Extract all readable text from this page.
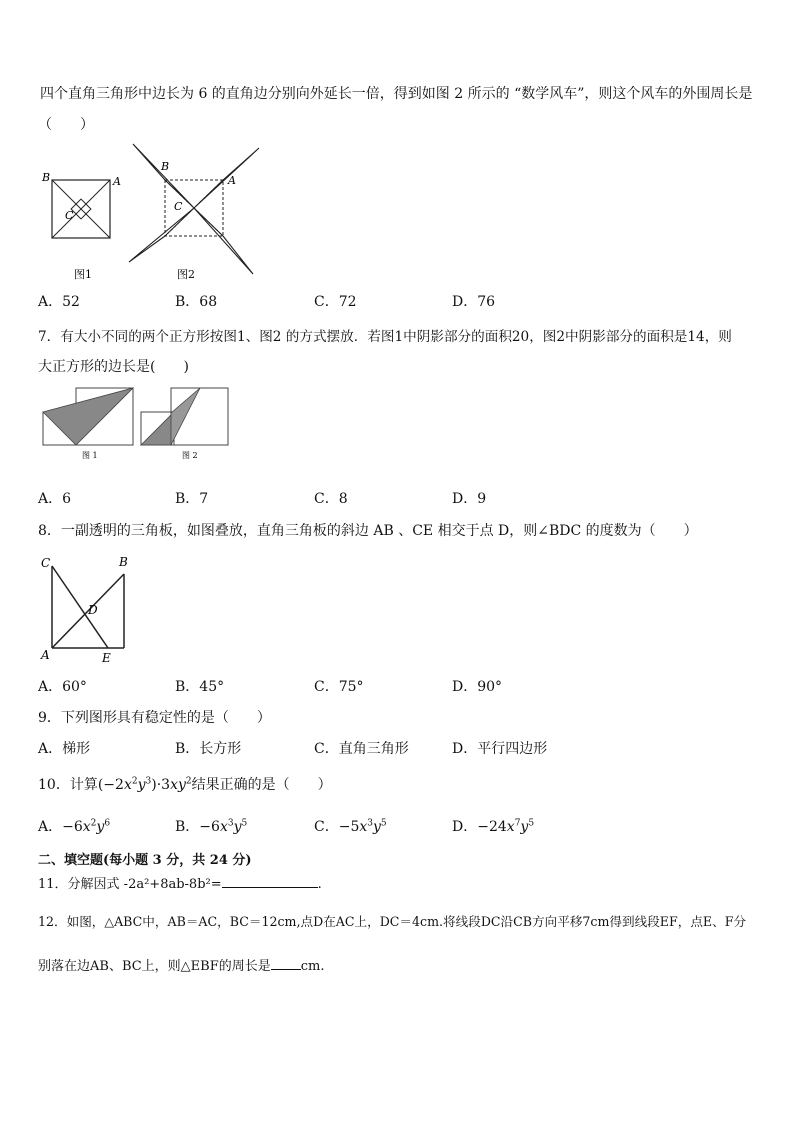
四个直角三角形中边长为 6 的直角边分别向外延长一倍，得到如图 2 所示的 “数学风车”，则这个风车的外围周长是
（　　）
B	A
C
图1
B
A
C
图2
A．52	B．68	C．72	D．76
7．有大小不同的两个正方形按图1、图2 的方式摆放．若图1中阴影部分的面积20，图2中阴影部分的面积是14，则
大正方形的边长是(　　)
图 1	图 2
A．6	B．7	C．8	D．9
8．一副透明的三角板，如图叠放，直角三角板的斜边 AB 、CE 相交于点 D，则∠BDC 的度数为（　　）
C	B
D
A	E
A．60°	B．45°	C．75°	D．90°
9．下列图形具有稳定性的是（　　）
A．梯形	B．长方形	C．直角三角形	D．平行四边形
10．计算$(-2x^2y^3)\cdot 3xy^2$结果正确的是（　　）
A．$-6x^2y^6$	B．$-6x^3y^5$	C．$-5x^3y^5$	D．$-24x^7y^5$
二、填空题(每小题 3 分，共 24 分)
11．分解因式 -2a²+8ab-8b²=	.
12．如图，△ABC中，AB＝AC，BC＝12cm,点D在AC上，DC＝4cm.将线段DC沿CB方向平移7cm得到线段EF，点E、F分
别落在边AB、BC上，则△EBF的周长是 cm.
